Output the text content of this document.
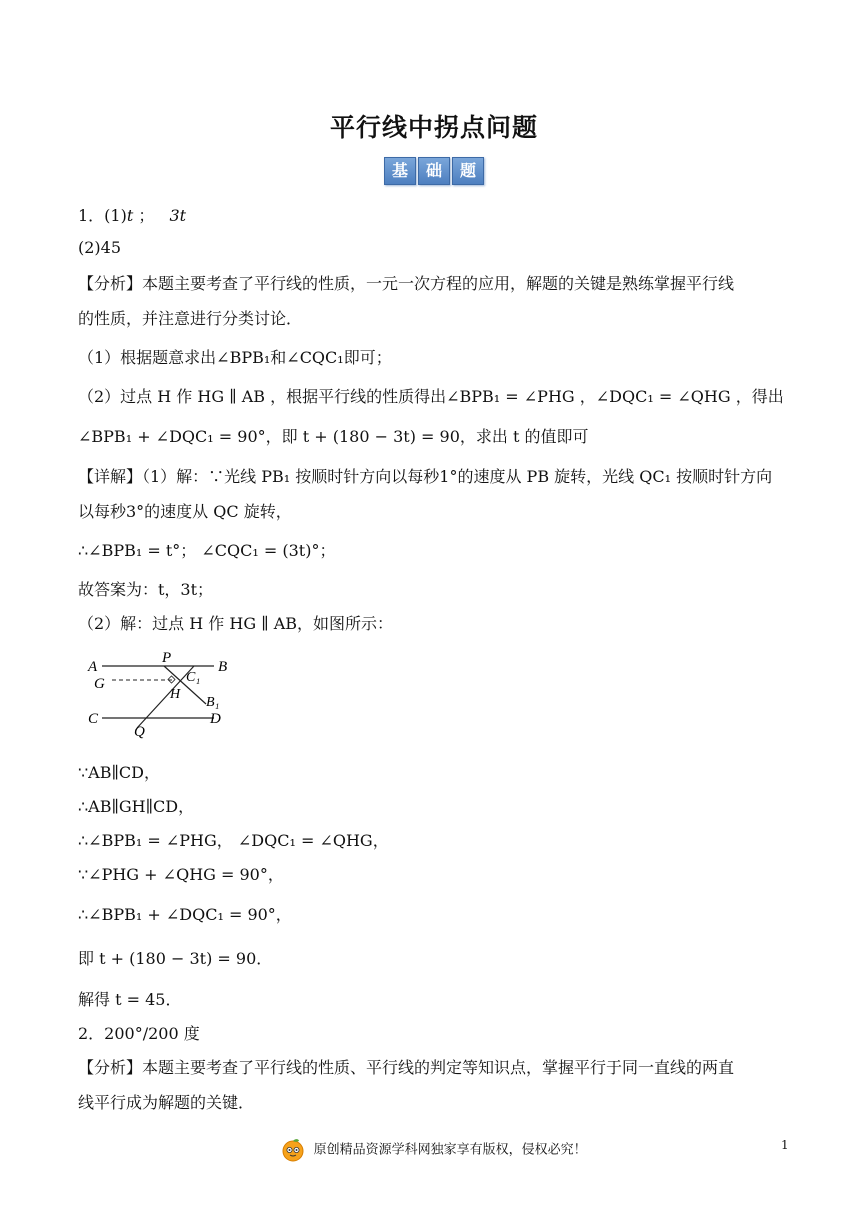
平行线中拐点问题
基	础	题
1．(1)t ； 3t
(2)45
【分析】本题主要考查了平行线的性质，一元一次方程的应用，解题的关键是熟练掌握平行线
的性质，并注意进行分类讨论．
（1）根据题意求出∠BPB₁和∠CQC₁即可；
（2）过点 H 作 HG ∥ AB ，根据平行线的性质得出∠BPB₁ = ∠PHG ，∠DQC₁ = ∠QHG ，得出
∠BPB₁ + ∠DQC₁ = 90°，即 t + (180 − 3t) = 90，求出 t 的值即可
【详解】（1）解：∵光线 PB₁ 按顺时针方向以每秒1°的速度从 PB 旋转，光线 QC₁ 按顺时针方向
以每秒3°的速度从 QC 旋转，
∴∠BPB₁ = t°； ∠CQC₁ = (3t)°；
故答案为：t，3t；
（2）解：过点 H 作 HG ∥ AB，如图所示：
A	B
P
G	C₁
H
B₁
C	D
Q
∵AB∥CD，
∴AB∥GH∥CD，
∴∠BPB₁ = ∠PHG， ∠DQC₁ = ∠QHG，
∵∠PHG + ∠QHG = 90°，
∴∠BPB₁ + ∠DQC₁ = 90°，
即 t + (180 − 3t) = 90．
解得 t = 45．
2．200°/200 度
【分析】本题主要考查了平行线的性质、平行线的判定等知识点，掌握平行于同一直线的两直
线平行成为解题的关键．
原创精品资源学科网独家享有版权，侵权必究！	1
